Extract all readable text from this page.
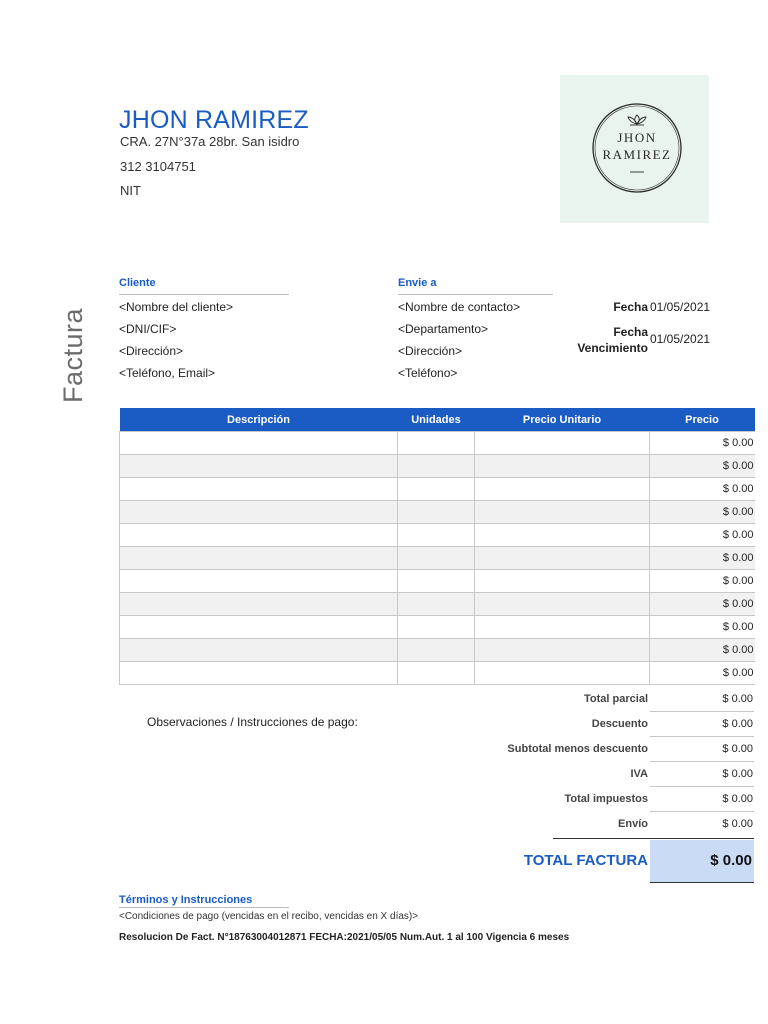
JHON RAMIREZ
CRA. 27N°37a 28br. San isidro
312 3104751
NIT
JHON
RAMIREZ
Factura
Cliente
<Nombre del cliente>
<DNI/CIF>
<Dirección>
<Teléfono, Email>
Envie a
<Nombre de contacto>
<Departamento>
<Dirección>
<Teléfono>
Fecha 01/05/2021
Fecha
Vencimiento
01/05/2021
Descripción	Unidades	Precio Unitario	Precio
			$ 0.00
			$ 0.00
			$ 0.00
			$ 0.00
			$ 0.00
			$ 0.00
			$ 0.00
			$ 0.00
			$ 0.00
			$ 0.00
			$ 0.00
Observaciones / Instrucciones de pago:
Total parcial	$ 0.00
Descuento	$ 0.00
Subtotal menos descuento	$ 0.00
IVA	$ 0.00
Total impuestos	$ 0.00
Envío	$ 0.00
TOTAL FACTURA	$ 0.00
Términos y Instrucciones
<Condiciones de pago (vencidas en el recibo, vencidas en X días)>
Resolucion De Fact. N°18763004012871 FECHA:2021/05/05 Num.Aut. 1 al 100 Vigencia 6 meses
